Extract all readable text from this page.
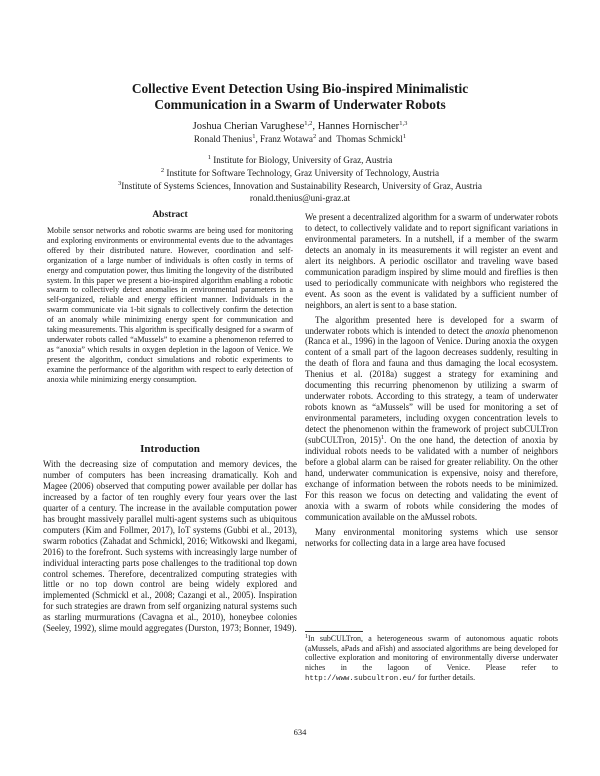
Collective Event Detection Using Bio-inspired Minimalistic
Communication in a Swarm of Underwater Robots
Joshua Cherian Varughese$^{1,2}$, Hannes Hornischer$^{1,3}$
Ronald Thenius$^1$, Franz Wotawa$^2$ and  Thomas Schmickl$^1$
$^1$ Institute for Biology, University of Graz, Austria
$^2$ Institute for Software Technology, Graz University of Technology, Austria
$^3$Institute of Systems Sciences, Innovation and Sustainability Research, University of Graz, Austria
ronald.thenius@uni-graz.at
Abstract
Mobile sensor networks and robotic swarms are being used for monitoring and exploring environments or environmental events due to the advantages offered by their distributed nature. However, coordination and self-organization of a large number of individuals is often costly in terms of energy and computation power, thus limiting the longevity of the distributed system. In this paper we present a bio-inspired algorithm enabling a robotic swarm to collectively detect anomalies in environmental parameters in a self-organized, reliable and energy efficient manner. Individuals in the swarm communicate via 1-bit signals to collectively confirm the detection of an anomaly while minimizing energy spent for communication and taking measurements. This algorithm is specifically designed for a swarm of underwater robots called “aMussels” to examine a phenomenon referred to as “anoxia” which results in oxygen depletion in the lagoon of Venice. We present the algorithm, conduct simulations and robotic experiments to examine the performance of the algorithm with respect to early detection of anoxia while minimizing energy consumption.
Introduction
With the decreasing size of computation and memory devices, the number of computers has been increasing dramatically. Koh and Magee (2006) observed that computing power available per dollar has increased by a factor of ten roughly every four years over the last quarter of a century. The increase in the available computation power has brought massively parallel multi-agent systems such as ubiquitous computers (Kim and Follmer, 2017), IoT systems (Gubbi et al., 2013), swarm robotics (Zahadat and Schmickl, 2016; Witkowski and Ikegami, 2016) to the forefront. Such systems with increasingly large number of individual interacting parts pose challenges to the traditional top down control schemes. Therefore, decentralized computing strategies with little or no top down control are being widely explored and implemented (Schmickl et al., 2008; Cazangi et al., 2005). Inspiration for such strategies are drawn from self organizing natural systems such as starling murmurations (Cavagna et al., 2010), honeybee colonies (Seeley, 1992), slime mould aggregates (Durston, 1973; Bonner, 1949).

We present a decentralized algorithm for a swarm of underwater robots to detect, to collectively validate and to report significant variations in environmental parameters. In a nutshell, if a member of the swarm detects an anomaly in its measurements it will register an event and alert its neighbors. A periodic oscillator and traveling wave based communication paradigm inspired by slime mould and fireflies is then used to periodically communicate with neighbors who registered the event. As soon as the event is validated by a sufficient number of neighbors, an alert is sent to a base station.

The algorithm presented here is developed for a swarm of underwater robots which is intended to detect the anoxia phenomenon (Ranca et al., 1996) in the lagoon of Venice. During anoxia the oxygen content of a small part of the lagoon decreases suddenly, resulting in the death of flora and fauna and thus damaging the local ecosystem. Thenius et al. (2018a) suggest a strategy for examining and documenting this recurring phenomenon by utilizing a swarm of underwater robots. According to this strategy, a team of underwater robots known as “aMussels” will be used for monitoring a set of environmental parameters, including oxygen concentration levels to detect the phenomenon within the framework of project subCULTron (subCULTron, 2015)$^1$. On the one hand, the detection of anoxia by individual robots needs to be validated with a number of neighbors before a global alarm can be raised for greater reliability. On the other hand, underwater communication is expensive, noisy and therefore, exchange of information between the robots needs to be minimized. For this reason we focus on detecting and validating the event of anoxia with a swarm of robots while considering the modes of communication available on the aMussel robots.

Many environmental monitoring systems which use sensor networks for collecting data in a large area have focused

$^1$In subCULTron, a heterogeneous swarm of autonomous aquatic robots (aMussels, aPads and aFish) and associated algorithms are being developed for collective exploration and monitoring of environmentally diverse underwater niches in the lagoon of Venice. Please refer to http://www.subcultron.eu/ for further details.
634
